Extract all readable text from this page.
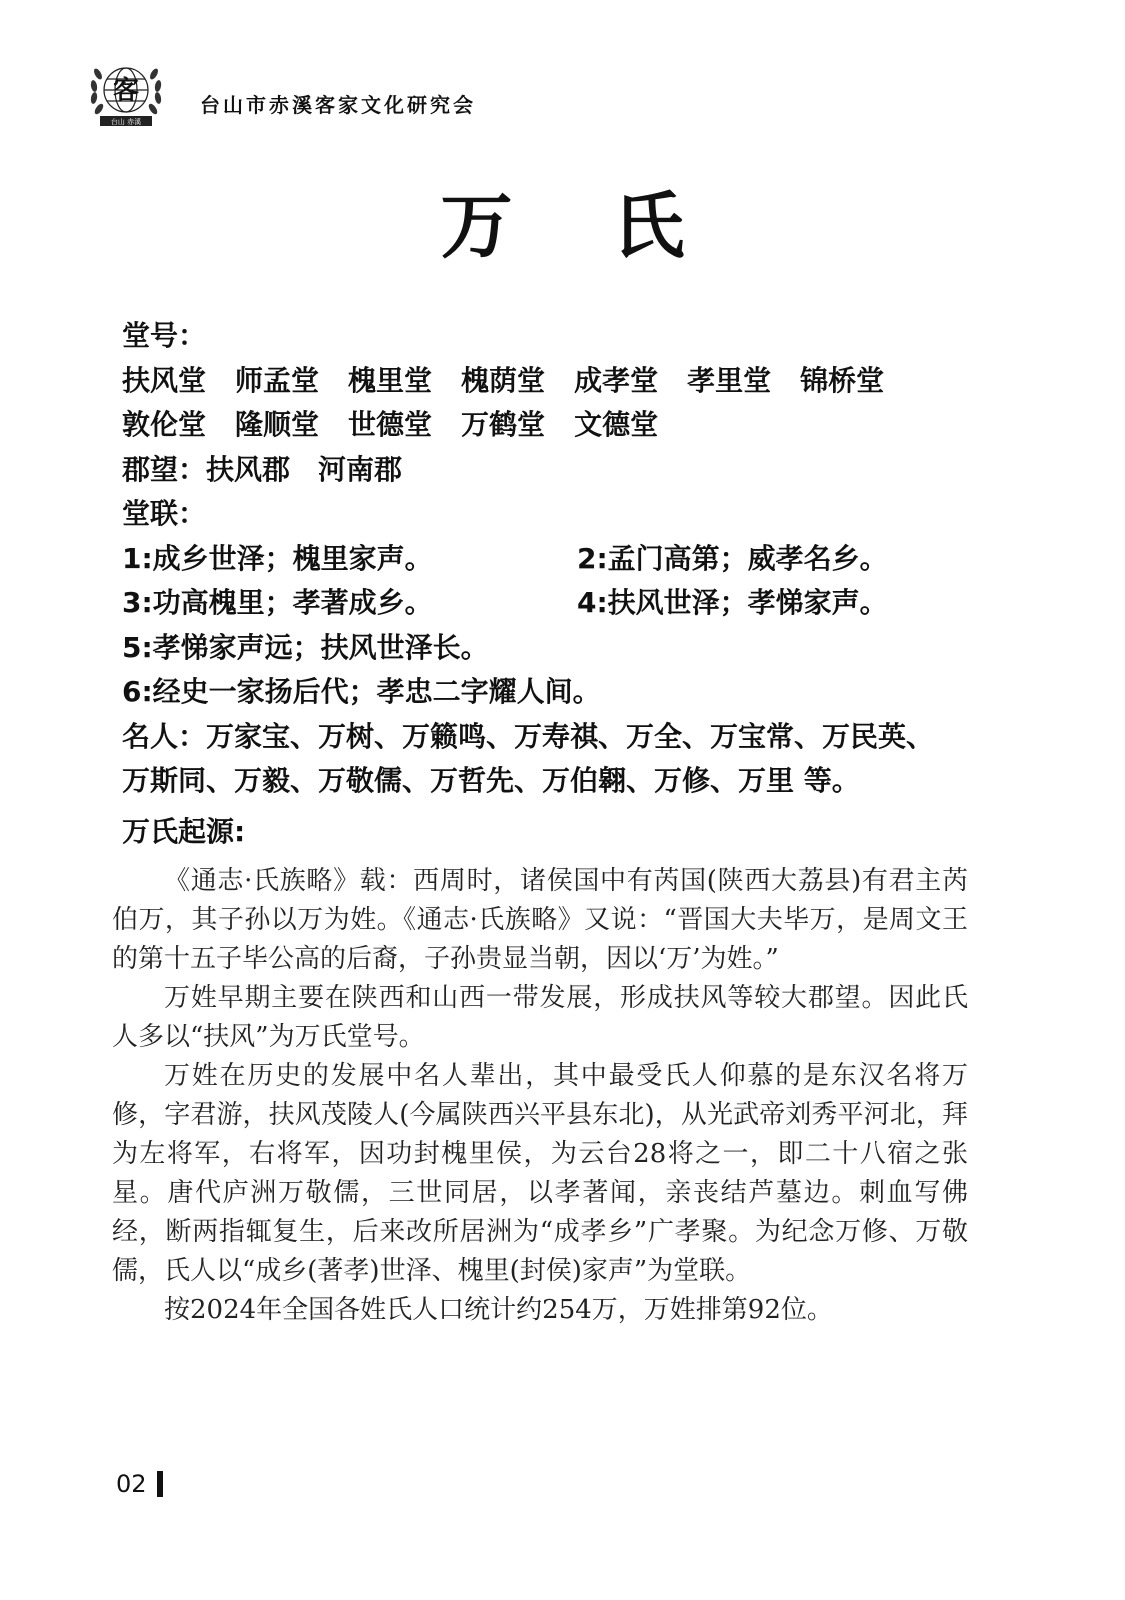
客
台山 赤溪
台山市赤溪客家文化研究会
万氏
堂号：
扶风堂 师孟堂 槐里堂 槐荫堂 成孝堂 孝里堂 锦桥堂
敦伦堂 隆顺堂 世德堂 万鹤堂 文德堂
郡望：扶风郡　河南郡
堂联：
1:成乡世泽；槐里家声。	2:孟门高第；威孝名乡。
3:功高槐里；孝著成乡。	4:扶风世泽；孝悌家声。
5:孝悌家声远；扶风世泽长。
6:经史一家扬后代；孝忠二字耀人间。
名人：万家宝、万树、万籁鸣、万寿祺、万全、万宝常、万民英、
万斯同、万毅、万敬儒、万哲先、万伯翱、万修、万里 等。
万氏起源:

《通志·氏族略》载：西周时，诸侯国中有芮国(陕西大荔县)有君主芮伯万，其子孙以万为姓。《通志·氏族略》又说：“晋国大夫毕万，是周文王的第十五子毕公高的后裔，子孙贵显当朝，因以‘万’为姓。”

万姓早期主要在陕西和山西一带发展，形成扶风等较大郡望。因此氏人多以“扶风”为万氏堂号。

万姓在历史的发展中名人辈出，其中最受氏人仰慕的是东汉名将万修，字君游，扶风茂陵人(今属陕西兴平县东北)，从光武帝刘秀平河北，拜为左将军，右将军，因功封槐里侯，为云台28将之一，即二十八宿之张星。唐代庐洲万敬儒，三世同居，以孝著闻，亲丧结芦墓边。刺血写佛经，断两指辄复生，后来改所居洲为“成孝乡”广孝聚。为纪念万修、万敬儒，氏人以“成乡(著孝)世泽、槐里(封侯)家声”为堂联。

按2024年全国各姓氏人口统计约254万，万姓排第92位。

02
